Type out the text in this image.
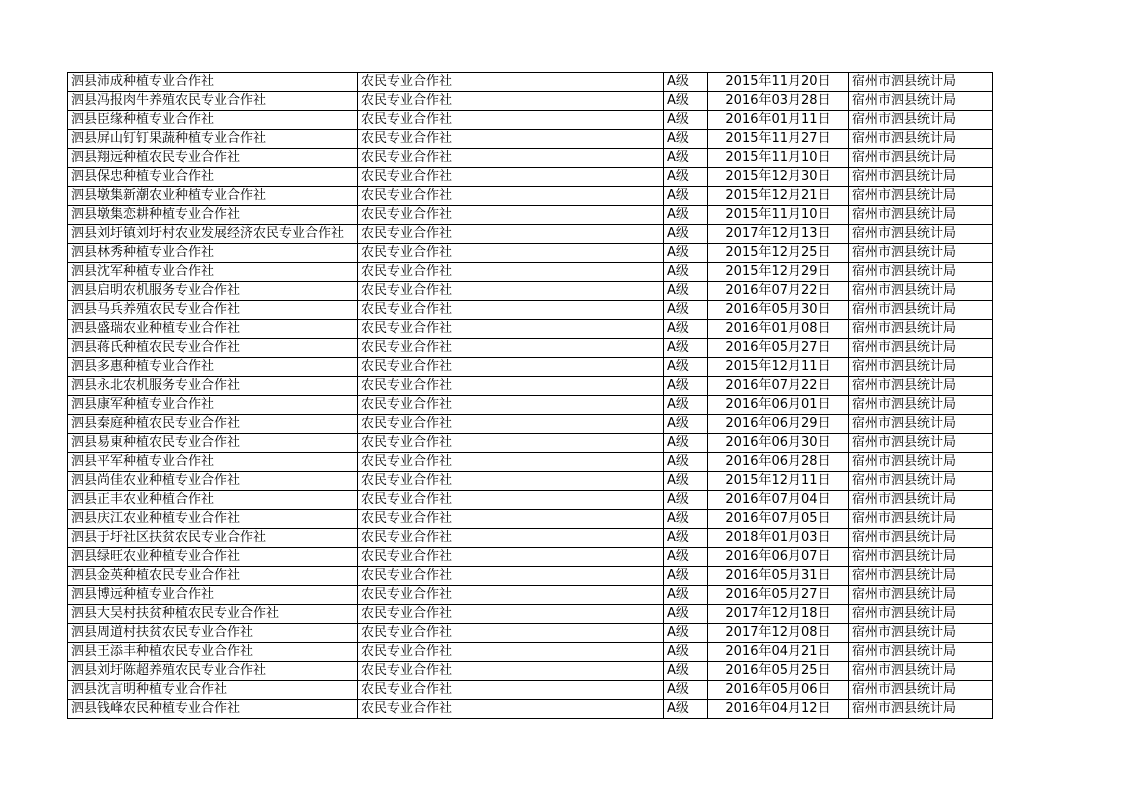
泗县沛成种植专业合作社	农民专业合作社	A级	2015年11月20日	宿州市泗县统计局
泗县冯报肉牛养殖农民专业合作社	农民专业合作社	A级	2016年03月28日	宿州市泗县统计局
泗县臣缘种植专业合作社	农民专业合作社	A级	2016年01月11日	宿州市泗县统计局
泗县屏山钉钉果蔬种植专业合作社	农民专业合作社	A级	2015年11月27日	宿州市泗县统计局
泗县翔远种植农民专业合作社	农民专业合作社	A级	2015年11月10日	宿州市泗县统计局
泗县保忠种植专业合作社	农民专业合作社	A级	2015年12月30日	宿州市泗县统计局
泗县墩集新潮农业种植专业合作社	农民专业合作社	A级	2015年12月21日	宿州市泗县统计局
泗县墩集恋耕种植专业合作社	农民专业合作社	A级	2015年11月10日	宿州市泗县统计局
泗县刘圩镇刘圩村农业发展经济农民专业合作社	农民专业合作社	A级	2017年12月13日	宿州市泗县统计局
泗县林秀种植专业合作社	农民专业合作社	A级	2015年12月25日	宿州市泗县统计局
泗县沈军种植专业合作社	农民专业合作社	A级	2015年12月29日	宿州市泗县统计局
泗县启明农机服务专业合作社	农民专业合作社	A级	2016年07月22日	宿州市泗县统计局
泗县马兵养殖农民专业合作社	农民专业合作社	A级	2016年05月30日	宿州市泗县统计局
泗县盛瑞农业种植专业合作社	农民专业合作社	A级	2016年01月08日	宿州市泗县统计局
泗县蒋氏种植农民专业合作社	农民专业合作社	A级	2016年05月27日	宿州市泗县统计局
泗县多惠种植专业合作社	农民专业合作社	A级	2015年12月11日	宿州市泗县统计局
泗县永北农机服务专业合作社	农民专业合作社	A级	2016年07月22日	宿州市泗县统计局
泗县康军种植专业合作社	农民专业合作社	A级	2016年06月01日	宿州市泗县统计局
泗县秦庭种植农民专业合作社	农民专业合作社	A级	2016年06月29日	宿州市泗县统计局
泗县易東种植农民专业合作社	农民专业合作社	A级	2016年06月30日	宿州市泗县统计局
泗县平军种植专业合作社	农民专业合作社	A级	2016年06月28日	宿州市泗县统计局
泗县尚佳农业种植专业合作社	农民专业合作社	A级	2015年12月11日	宿州市泗县统计局
泗县正丰农业种植合作社	农民专业合作社	A级	2016年07月04日	宿州市泗县统计局
泗县庆江农业种植专业合作社	农民专业合作社	A级	2016年07月05日	宿州市泗县统计局
泗县于圩社区扶贫农民专业合作社	农民专业合作社	A级	2018年01月03日	宿州市泗县统计局
泗县绿旺农业种植专业合作社	农民专业合作社	A级	2016年06月07日	宿州市泗县统计局
泗县金英种植农民专业合作社	农民专业合作社	A级	2016年05月31日	宿州市泗县统计局
泗县博远种植专业合作社	农民专业合作社	A级	2016年05月27日	宿州市泗县统计局
泗县大吴村扶贫种植农民专业合作社	农民专业合作社	A级	2017年12月18日	宿州市泗县统计局
泗县周道村扶贫农民专业合作社	农民专业合作社	A级	2017年12月08日	宿州市泗县统计局
泗县王添丰种植农民专业合作社	农民专业合作社	A级	2016年04月21日	宿州市泗县统计局
泗县刘圩陈超养殖农民专业合作社	农民专业合作社	A级	2016年05月25日	宿州市泗县统计局
泗县沈言明种植专业合作社	农民专业合作社	A级	2016年05月06日	宿州市泗县统计局
泗县钱峰农民种植专业合作社	农民专业合作社	A级	2016年04月12日	宿州市泗县统计局
